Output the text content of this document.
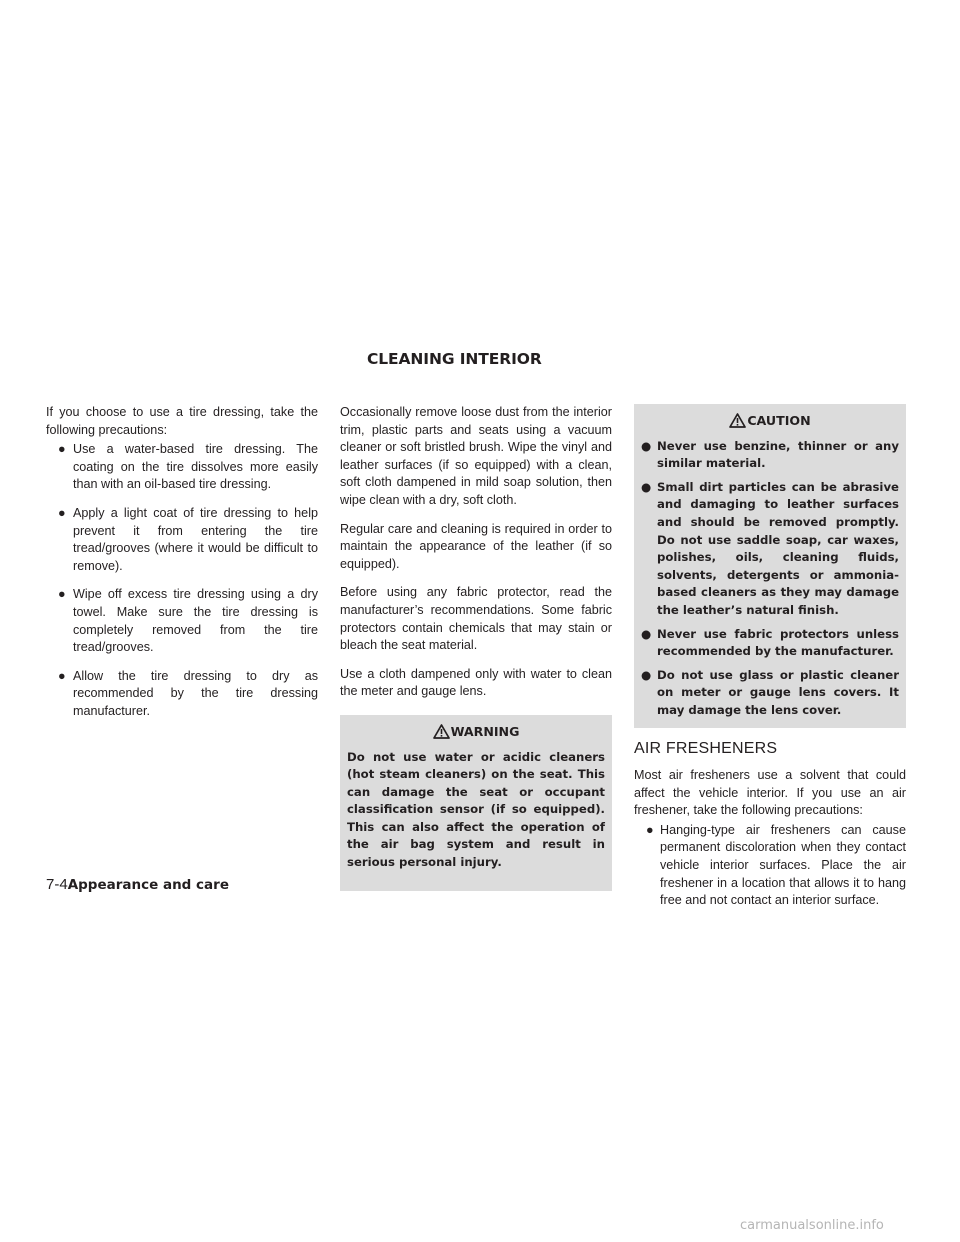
CLEANING INTERIOR

If you choose to use a tire dressing, take the following precautions:

● Use a water-based tire dressing. The coating on the tire dissolves more easily than with an oil-based tire dressing.
● Apply a light coat of tire dressing to help prevent it from entering the tire tread/grooves (where it would be difficult to remove).
● Wipe off excess tire dressing using a dry towel. Make sure the tire dressing is completely removed from the tire tread/grooves.
● Allow the tire dressing to dry as recommended by the tire dressing manufacturer.

Occasionally remove loose dust from the interior trim, plastic parts and seats using a vacuum cleaner or soft bristled brush. Wipe the vinyl and leather surfaces (if so equipped) with a clean, soft cloth dampened in mild soap solution, then wipe clean with a dry, soft cloth.

Regular care and cleaning is required in order to maintain the appearance of the leather (if so equipped).

Before using any fabric protector, read the manufacturer’s recommendations. Some fabric protectors contain chemicals that may stain or bleach the seat material.

Use a cloth dampened only with water to clean the meter and gauge lens.

WARNING

Do not use water or acidic cleaners (hot steam cleaners) on the seat. This can damage the seat or occupant classification sensor (if so equipped). This can also affect the operation of the air bag system and result in serious personal injury.

CAUTION
● Never use benzine, thinner or any similar material.
● Small dirt particles can be abrasive and damaging to leather surfaces and should be removed promptly. Do not use saddle soap, car waxes, polishes, oils, cleaning fluids, solvents, detergents or ammonia-based cleaners as they may damage the leather’s natural finish.
● Never use fabric protectors unless recommended by the manufacturer.
● Do not use glass or plastic cleaner on meter or gauge lens covers. It may damage the lens cover.
AIR FRESHENERS

Most air fresheners use a solvent that could affect the vehicle interior. If you use an air freshener, take the following precautions:

● Hanging-type air fresheners can cause permanent discoloration when they contact vehicle interior surfaces. Place the air freshener in a location that allows it to hang free and not contact an interior surface.
7-4Appearance and care
carmanualsonline.info
